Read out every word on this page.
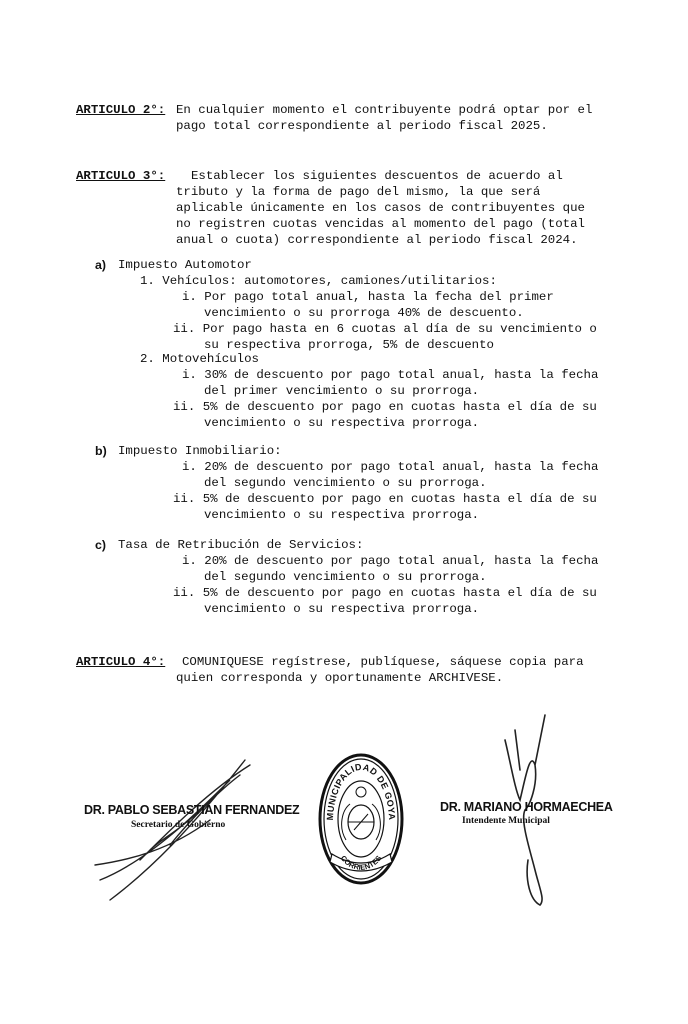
ARTICULO 2°: En cualquier momento el contribuyente podrá optar por el
pago total correspondiente al periodo fiscal 2025.
ARTICULO 3°: Establecer los siguientes descuentos de acuerdo al
tributo y la forma de pago del mismo, la que será
aplicable únicamente en los casos de contribuyentes que
no registren cuotas vencidas al momento del pago (total
anual o cuota) correspondiente al periodo fiscal 2024.
a) Impuesto Automotor
1. Vehículos: automotores, camiones/utilitarios:
i. Por pago total anual, hasta la fecha del primer
vencimiento o su prorroga 40% de descuento.
ii. Por pago hasta en 6 cuotas al día de su vencimiento o
su respectiva prorroga, 5% de descuento
2. Motovehículos
i. 30% de descuento por pago total anual, hasta la fecha
del primer vencimiento o su prorroga.
ii. 5% de descuento por pago en cuotas hasta el día de su
vencimiento o su respectiva prorroga.
b) Impuesto Inmobiliario:
i. 20% de descuento por pago total anual, hasta la fecha
del segundo vencimiento o su prorroga.
ii. 5% de descuento por pago en cuotas hasta el día de su
vencimiento o su respectiva prorroga.
c) Tasa de Retribución de Servicios:
i. 20% de descuento por pago total anual, hasta la fecha
del segundo vencimiento o su prorroga.
ii. 5% de descuento por pago en cuotas hasta el día de su
vencimiento o su respectiva prorroga.
ARTICULO 4°: COMUNIQUESE regístrese, publíquese, sáquese copia para
quien corresponda y oportunamente ARCHIVESE.
DR. PABLO SEBASTIAN FERNANDEZ
Secretario de Gobierno
MUNICIPALIDAD DE GOYA
CORRIENTES
DR. MARIANO HORMAECHEA
Intendente Municipal
